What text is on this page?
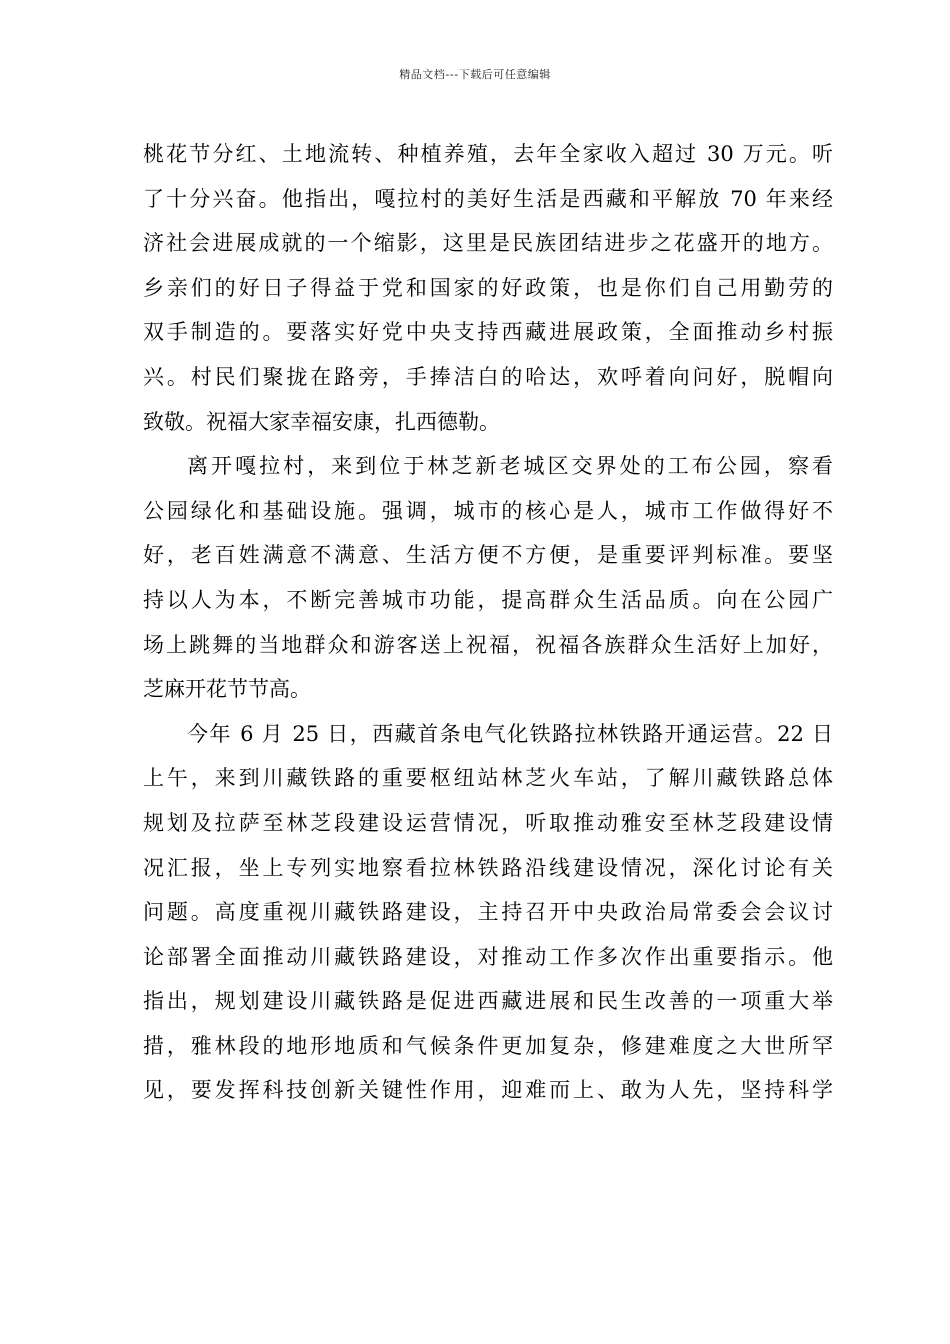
精品文档---下载后可任意编辑
桃花节分红、土地流转、种植养殖，去年全家收入超过 30 万元。听
了十分兴奋。他指出，嘎拉村的美好生活是西藏和平解放 70 年来经
济社会进展成就的一个缩影，这里是民族团结进步之花盛开的地方。
乡亲们的好日子得益于党和国家的好政策，也是你们自己用勤劳的
双手制造的。要落实好党中央支持西藏进展政策，全面推动乡村振
兴。村民们聚拢在路旁，手捧洁白的哈达，欢呼着向问好，脱帽向
致敬。祝福大家幸福安康，扎西德勒。
离开嘎拉村，来到位于林芝新老城区交界处的工布公园，察看
公园绿化和基础设施。强调，城市的核心是人，城市工作做得好不
好，老百姓满意不满意、生活方便不方便，是重要评判标准。要坚
持以人为本，不断完善城市功能，提高群众生活品质。向在公园广
场上跳舞的当地群众和游客送上祝福，祝福各族群众生活好上加好，
芝麻开花节节高。
今年 6 月 25 日，西藏首条电气化铁路拉林铁路开通运营。22 日
上午，来到川藏铁路的重要枢纽站林芝火车站，了解川藏铁路总体
规划及拉萨至林芝段建设运营情况，听取推动雅安至林芝段建设情
况汇报，坐上专列实地察看拉林铁路沿线建设情况，深化讨论有关
问题。高度重视川藏铁路建设，主持召开中央政治局常委会会议讨
论部署全面推动川藏铁路建设，对推动工作多次作出重要指示。他
指出，规划建设川藏铁路是促进西藏进展和民生改善的一项重大举
措，雅林段的地形地质和气候条件更加复杂，修建难度之大世所罕
见，要发挥科技创新关键性作用，迎难而上、敢为人先，坚持科学
